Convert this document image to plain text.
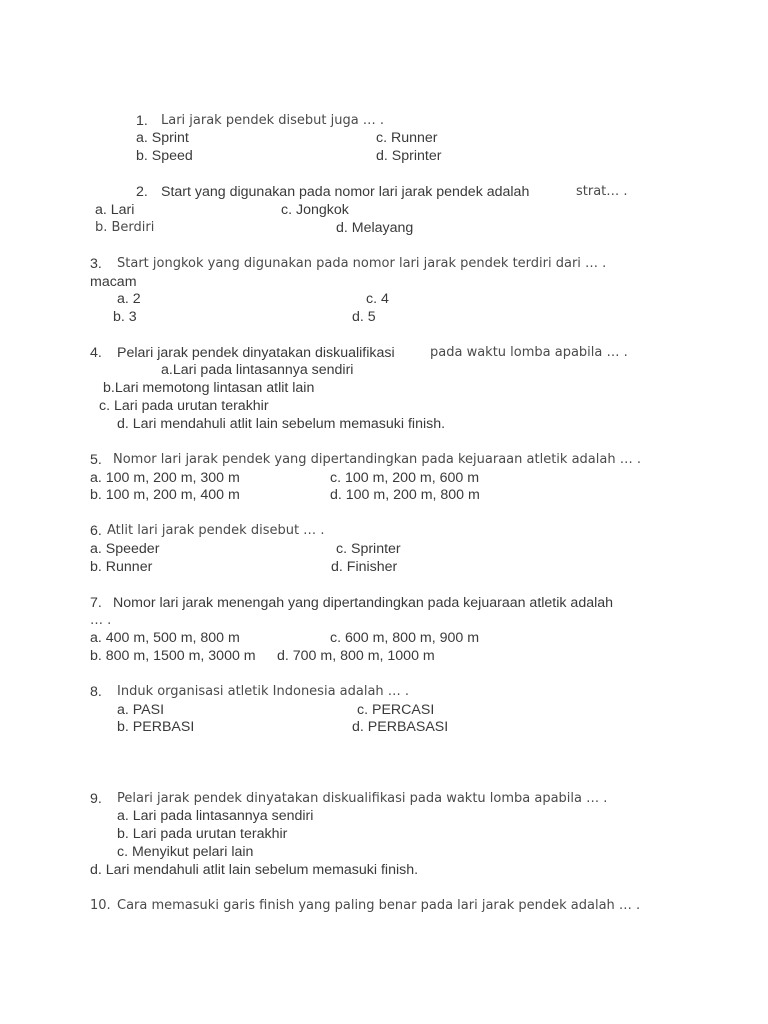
1. Lari jarak pendek disebut juga … .
a. Sprint	c. Runner
b. Speed	d. Sprinter
2. Start yang digunakan pada nomor lari jarak pendek adalah	strat… .
a. Lari	c. Jongkok
b. Berdiri	d. Melayang
3. Start jongkok yang digunakan pada nomor lari jarak pendek terdiri dari … .
macam
a. 2	c. 4
b. 3	d. 5
4. Pelari jarak pendek dinyatakan diskualifikasi	pada waktu lomba apabila … .
a.Lari pada lintasannya sendiri
b.Lari memotong lintasan atlit lain
c. Lari pada urutan terakhir
d. Lari mendahuli atlit lain sebelum memasuki finish.
5. Nomor lari jarak pendek yang dipertandingkan pada kejuaraan atletik adalah … .
a. 100 m, 200 m, 300 m	c. 100 m, 200 m, 600 m
b. 100 m, 200 m, 400 m	d. 100 m, 200 m, 800 m
6. Atlit lari jarak pendek disebut … .
a. Speeder	c. Sprinter
b. Runner	d. Finisher
7. Nomor lari jarak menengah yang dipertandingkan pada kejuaraan atletik adalah
… .
a. 400 m, 500 m, 800 m	c. 600 m, 800 m, 900 m
b. 800 m, 1500 m, 3000 m d. 700 m, 800 m, 1000 m
8. Induk organisasi atletik Indonesia adalah … .
a. PASI	c. PERCASI
b. PERBASI	d. PERBASASI
9. Pelari jarak pendek dinyatakan diskualifikasi pada waktu lomba apabila … .
a. Lari pada lintasannya sendiri
b. Lari pada urutan terakhir
c. Menyikut pelari lain
d. Lari mendahuli atlit lain sebelum memasuki finish.
10. Cara memasuki garis finish yang paling benar pada lari jarak pendek adalah … .
